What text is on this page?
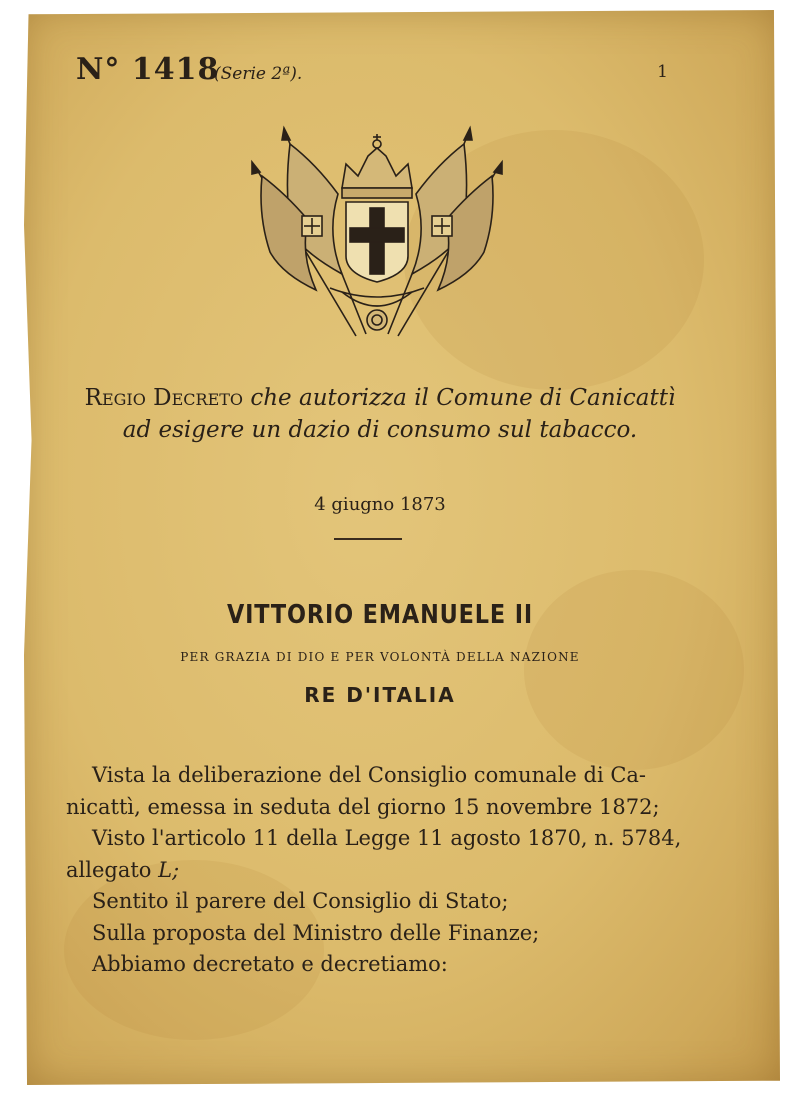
N° 1418
(Serie 2ª).	1
Regio Decreto che autorizza il Comune di Canicattì
ad esigere un dazio di consumo sul tabacco.
4 giugno 1873
VITTORIO EMANUELE II
PER GRAZIA DI DIO E PER VOLONTÀ DELLA NAZIONE
RE D'ITALIA
Vista la deliberazione del Consiglio comunale di Ca-
nicattì, emessa in seduta del giorno 15 novembre 1872;
Visto l'articolo 11 della Legge 11 agosto 1870, n. 5784,
allegato L;
Sentito il parere del Consiglio di Stato;
Sulla proposta del Ministro delle Finanze;
Abbiamo decretato e decretiamo:
